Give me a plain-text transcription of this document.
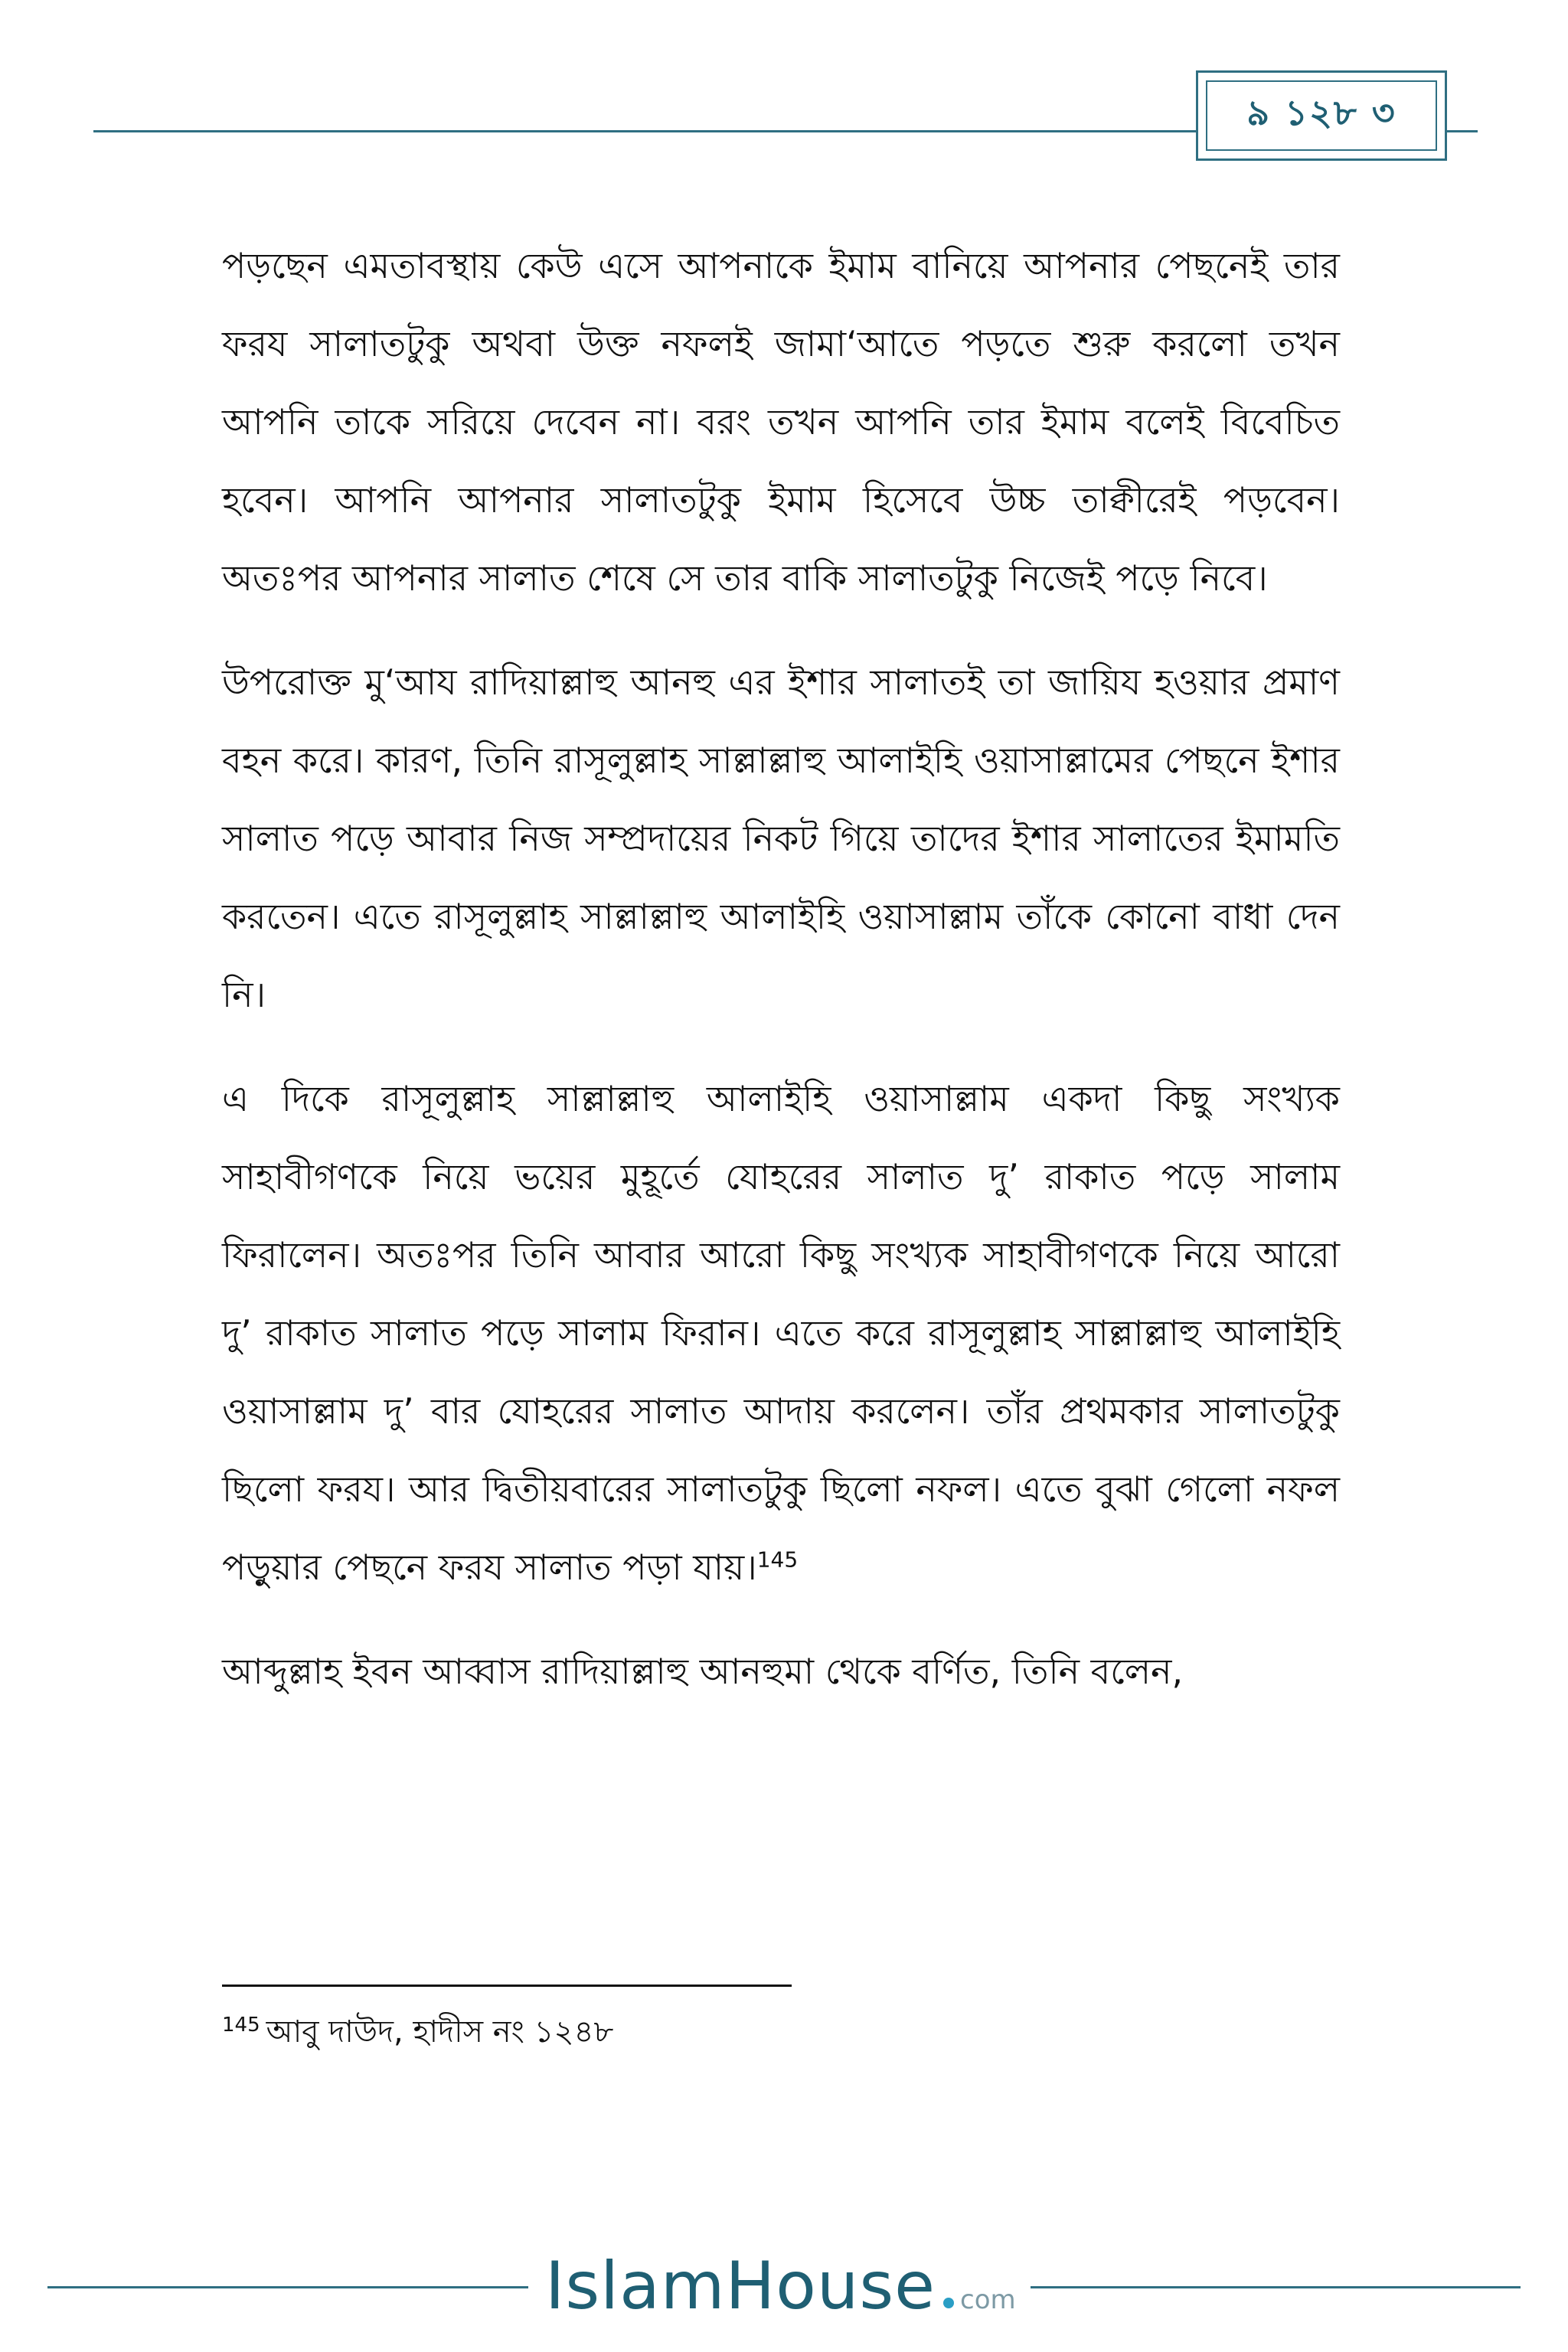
৯ ১২৮ ৩

পড়ছেন এমতাবস্থায় কেউ এসে আপনাকে ইমাম বানিয়ে আপনার পেছনেই তার ফরয সালাতটুকু অথবা উক্ত নফলই জামা‘আতে পড়তে শুরু করলো তখন আপনি তাকে সরিয়ে দেবেন না। বরং তখন আপনি তার ইমাম বলেই বিবেচিত হবেন। আপনি আপনার সালাতটুকু ইমাম হিসেবে উচ্চ তাক্বীরেই পড়বেন। অতঃপর আপনার সালাত শেষে সে তার বাকি সালাতটুকু নিজেই পড়ে নিবে।

উপরোক্ত মু‘আয রাদিয়াল্লাহু আনহু এর ইশার সালাতই তা জায়িয হওয়ার প্রমাণ বহন করে। কারণ, তিনি রাসূলুল্লাহ সাল্লাল্লাহু আলাইহি ওয়াসাল্লামের পেছনে ইশার সালাত পড়ে আবার নিজ সম্প্রদায়ের নিকট গিয়ে তাদের ইশার সালাতের ইমামতি করতেন। এতে রাসূলুল্লাহ সাল্লাল্লাহু আলাইহি ওয়াসাল্লাম তাঁকে কোনো বাধা দেন নি।

এ দিকে রাসূলুল্লাহ সাল্লাল্লাহু আলাইহি ওয়াসাল্লাম একদা কিছু সংখ্যক সাহাবীগণকে নিয়ে ভয়ের মুহূর্তে যোহরের সালাত দু’ রাকাত পড়ে সালাম ফিরালেন। অতঃপর তিনি আবার আরো কিছু সংখ্যক সাহাবীগণকে নিয়ে আরো দু’ রাকাত সালাত পড়ে সালাম ফিরান। এতে করে রাসূলুল্লাহ সাল্লাল্লাহু আলাইহি ওয়াসাল্লাম দু’ বার যোহরের সালাত আদায় করলেন। তাঁর প্রথমকার সালাতটুকু ছিলো ফরয। আর দ্বিতীয়বারের সালাতটুকু ছিলো নফল। এতে বুঝা গেলো নফল পড়ুয়ার পেছনে ফরয সালাত পড়া যায়।$^{145}$

আব্দুল্লাহ ইবন আব্বাস রাদিয়াল্লাহু আনহুমা থেকে বর্ণিত, তিনি বলেন,

$^{145}$ আবু দাউদ, হাদীস নং ১২৪৮
IslamHouse com
